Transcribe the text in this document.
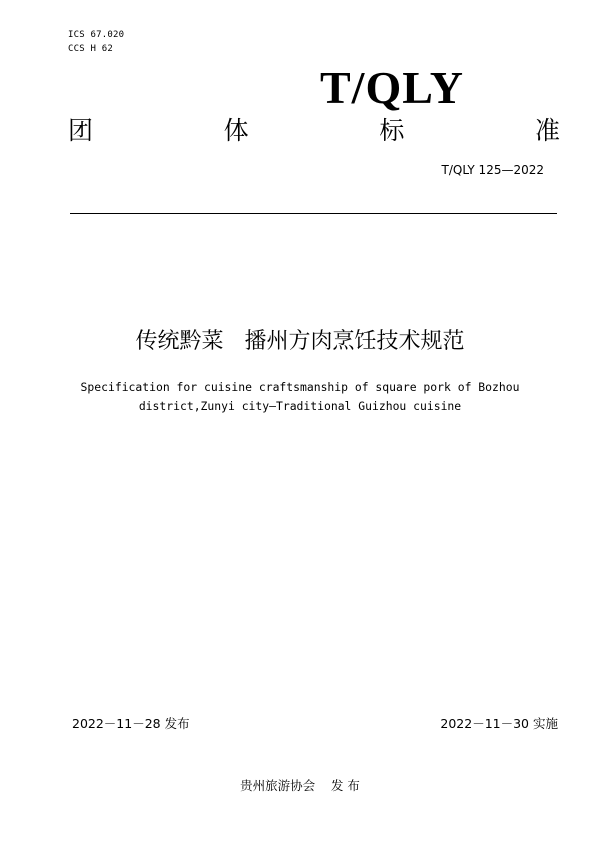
ICS 67.020
CCS H 62
T/QLY
团	体	标	准
T/QLY 125—2022
传统黔菜   播州方肉烹饪技术规范
Specification for cuisine craftsmanship of square pork of Bozhou
district,Zunyi city—Traditional Guizhou cuisine
2022－11－28 发布	2022－11－30 实施
贵州旅游协会    发 布
